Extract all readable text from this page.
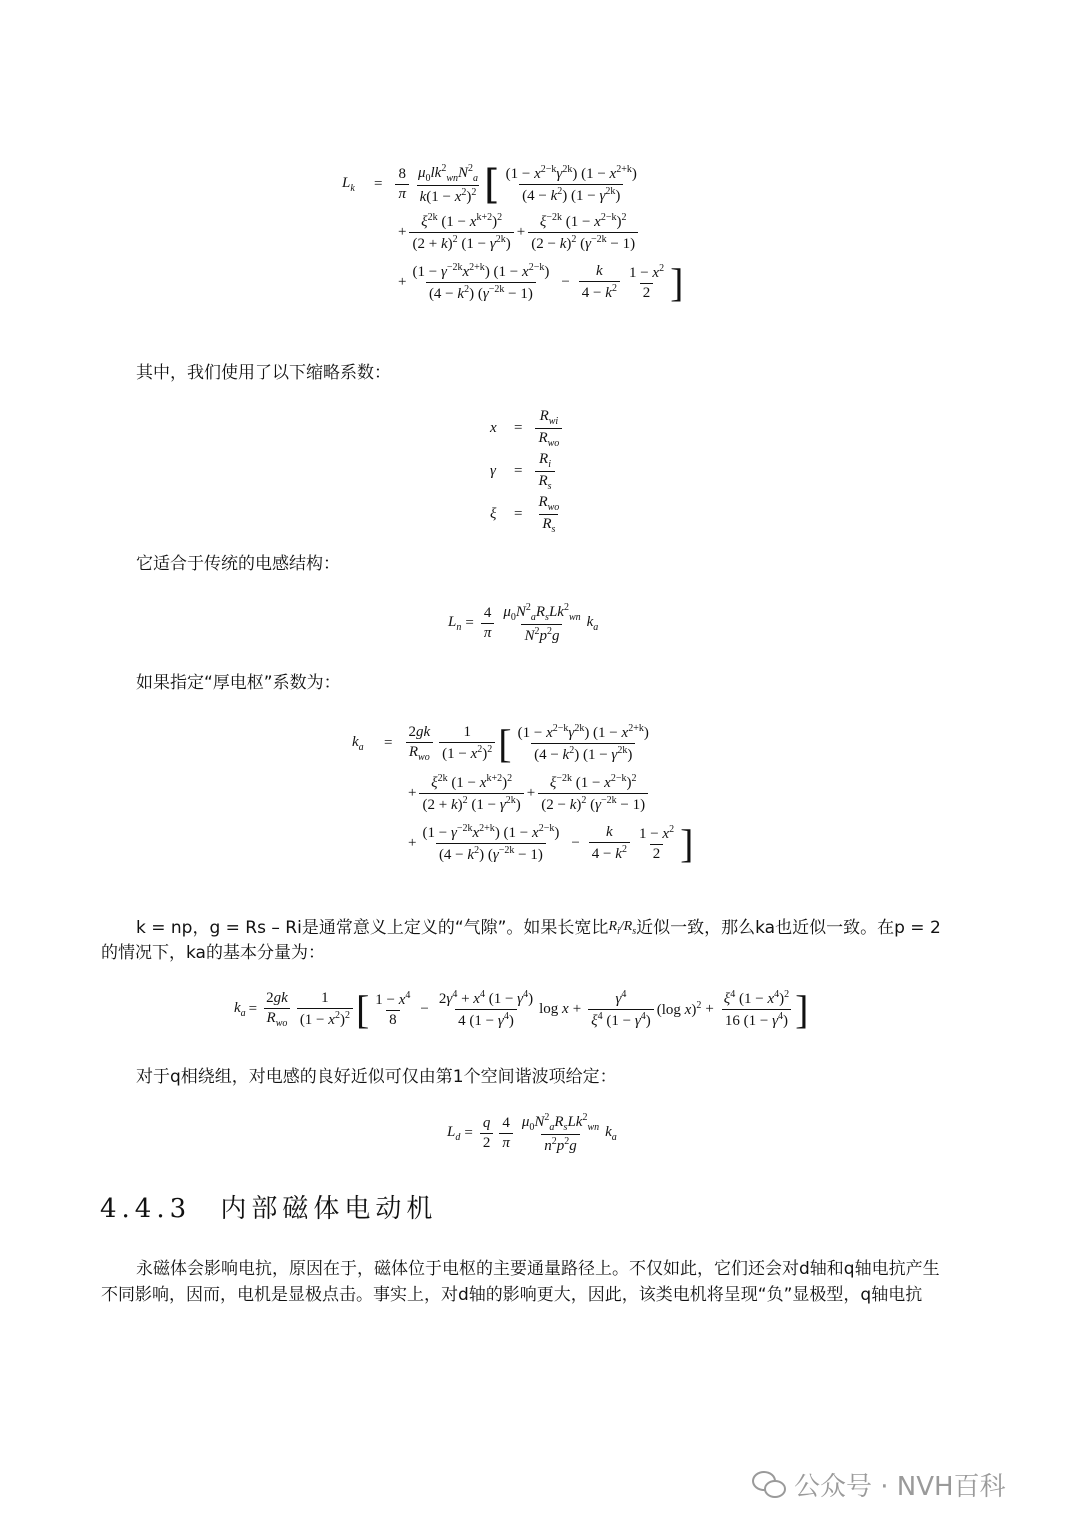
$L_k$	= $\frac{8}{\pi} \frac{\mu_0lk^2_{wn}N^2_a}{k(1 - x^2)^2}$ [ $\frac{(1 - x^{2-k}\gamma^{2k}) (1 - x^{2+k})}{(4 - k^2) (1 - \gamma^{2k})}$
+ $\frac{\xi^{2k} (1 - x^{k+2})^2}{(2 + k)^2 (1 - \gamma^{2k})} + \frac{\xi^{-2k} (1 - x^{2-k})^2}{(2 - k)^2 (\gamma^{-2k} - 1)}$
+ $\frac{(1 - \gamma^{-2k}x^{2+k}) (1 - x^{2-k})}{(4 - k^2) (\gamma^{-2k} - 1)} - \frac{k}{4 - k^2} \frac{1 - x^2}{2}$ ]
其中，我们使用了以下缩略系数：
x	= $\frac{R_{wi}}{R_{wo}}$
γ	= $\frac{R_i}{R_s}$
ξ	= $\frac{R_{wo}}{R_s}$
它适合于传统的电感结构：
$L_n = \frac{4}{\pi} \frac{\mu_0N^2_aR_sLk^2_{wn}}{N^2p^2g} k_a$
如果指定“厚电枢”系数为：
$k_a$	= $\frac{2gk}{R_{wo}} \frac{1}{(1 - x^2)^2}$ [ $\frac{(1 - x^{2-k}\gamma^{2k}) (1 - x^{2+k})}{(4 - k^2) (1 - \gamma^{2k})}$
+ $\frac{\xi^{2k} (1 - x^{k+2})^2}{(2 + k)^2 (1 - \gamma^{2k})} + \frac{\xi^{-2k} (1 - x^{2-k})^2}{(2 - k)^2 (\gamma^{-2k} - 1)}$
+ $\frac{(1 - \gamma^{-2k}x^{2+k}) (1 - x^{2-k})}{(4 - k^2) (\gamma^{-2k} - 1)} - \frac{k}{4 - k^2} \frac{1 - x^2}{2}$ ]
k = np，g = Rs – Ri是通常意义上定义的“气隙”。如果长宽比$R_i/R_s$近似一致，那么ka也近似一致。在p = 2
的情况下，ka的基本分量为：
$k_a = \frac{2gk}{R_{wo}} \frac{1}{(1 - x^2)^2}$ [ $\frac{1 - x^4}{8} - \frac{2\gamma^4 + x^4 (1 - \gamma^4)}{4 (1 - \gamma^4)}$ $\log x + \frac{\gamma^4}{\xi^4 (1 - \gamma^4)} (\log$ $x)^2 + \frac{\xi^4 (1 - x^4)^2}{16 (1 - \gamma^4)}$ ]
对于q相绕组，对电感的良好近似可仅由第1个空间谐波项给定：
$L_d = \frac{q}{2} \frac{4}{\pi} \frac{\mu_0N^2_aR_sLk^2_{wn}}{n^2p^2g} k_a$
4.4.3 内部磁体电动机
永磁体会影响电抗，原因在于，磁体位于电枢的主要通量路径上。不仅如此，它们还会对d轴和q轴电抗产生
不同影响，因而，电机是显极点击。事实上，对d轴的影响更大，因此，该类电机将呈现“负”显极型，q轴电抗
公众号 · NVH百科
